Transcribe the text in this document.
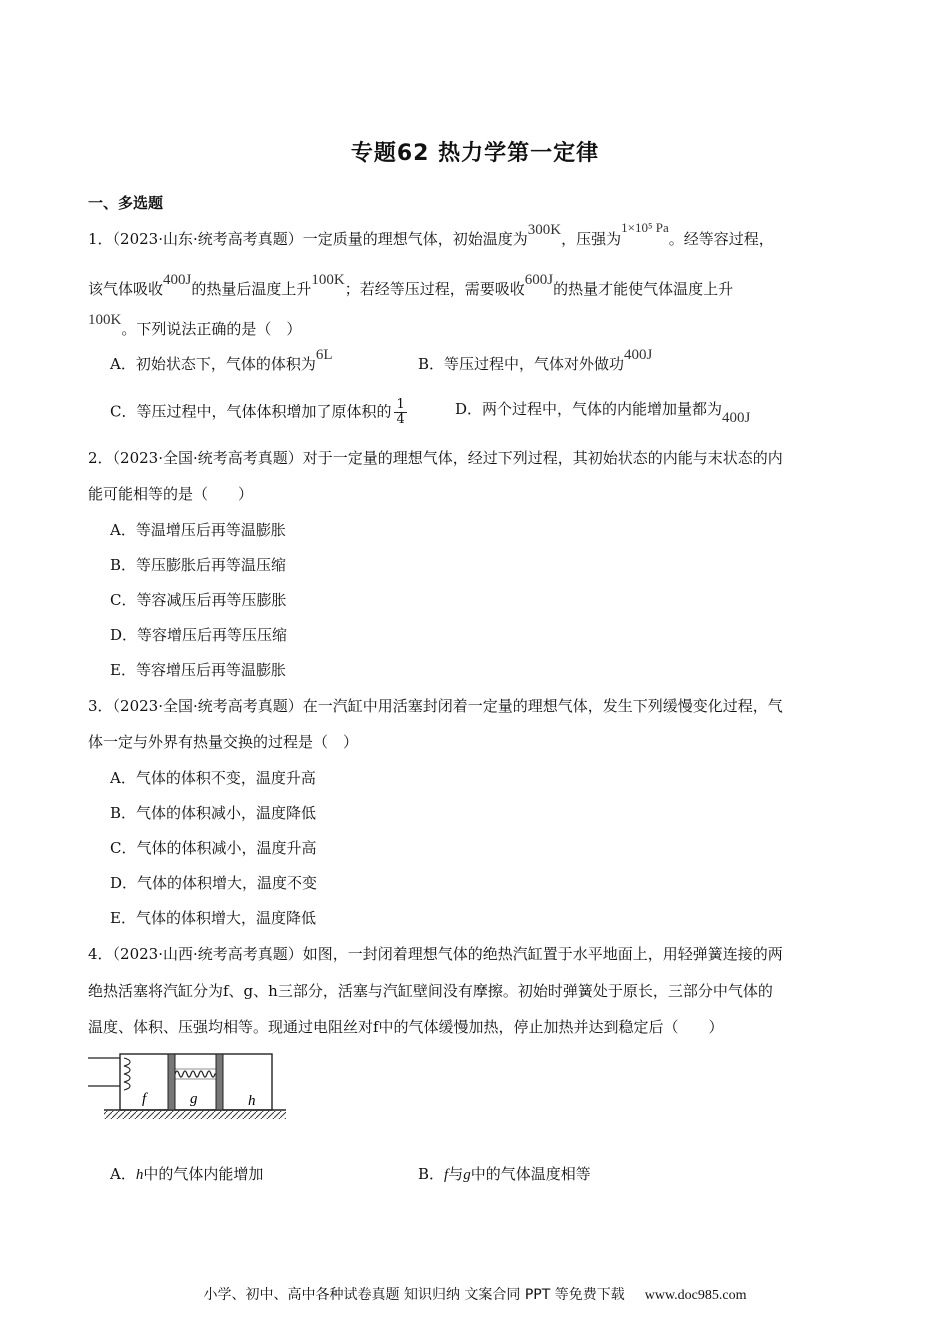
专题62 热力学第一定律
一、多选题
1．（2023·山东·统考高考真题）一定质量的理想气体，初始温度为300K，压强为1×10⁵ Pa。经等容过程，
该气体吸收400J的热量后温度上升100K；若经等压过程，需要吸收600J的热量才能使气体温度上升
100K。下列说法正确的是（　）
A．初始状态下，气体的体积为6L	B．等压过程中，气体对外做功400J
C．等压过程中，气体体积增加了原体积的 $\frac{1}{4}$	D．两个过程中，气体的内能增加量都为400J
2．（2023·全国·统考高考真题）对于一定量的理想气体，经过下列过程，其初始状态的内能与末状态的内
能可能相等的是（　　）
A．等温增压后再等温膨胀
B．等压膨胀后再等温压缩
C．等容减压后再等压膨胀
D．等容增压后再等压压缩
E．等容增压后再等温膨胀
3．（2023·全国·统考高考真题）在一汽缸中用活塞封闭着一定量的理想气体，发生下列缓慢变化过程，气
体一定与外界有热量交换的过程是（　）
A．气体的体积不变，温度升高
B．气体的体积减小，温度降低
C．气体的体积减小，温度升高
D．气体的体积增大，温度不变
E．气体的体积增大，温度降低
4．（2023·山西·统考高考真题）如图，一封闭着理想气体的绝热汽缸置于水平地面上，用轻弹簧连接的两
绝热活塞将汽缸分为f、g、h三部分，活塞与汽缸壁间没有摩擦。初始时弹簧处于原长，三部分中气体的
温度、体积、压强均相等。现通过电阻丝对f中的气体缓慢加热，停止加热并达到稳定后（　　）
f	g	h
A．h中的气体内能增加	B．f与g中的气体温度相等
小学、初中、高中各种试卷真题 知识归纳 文案合同 PPT 等免费下载 www.doc985.com
